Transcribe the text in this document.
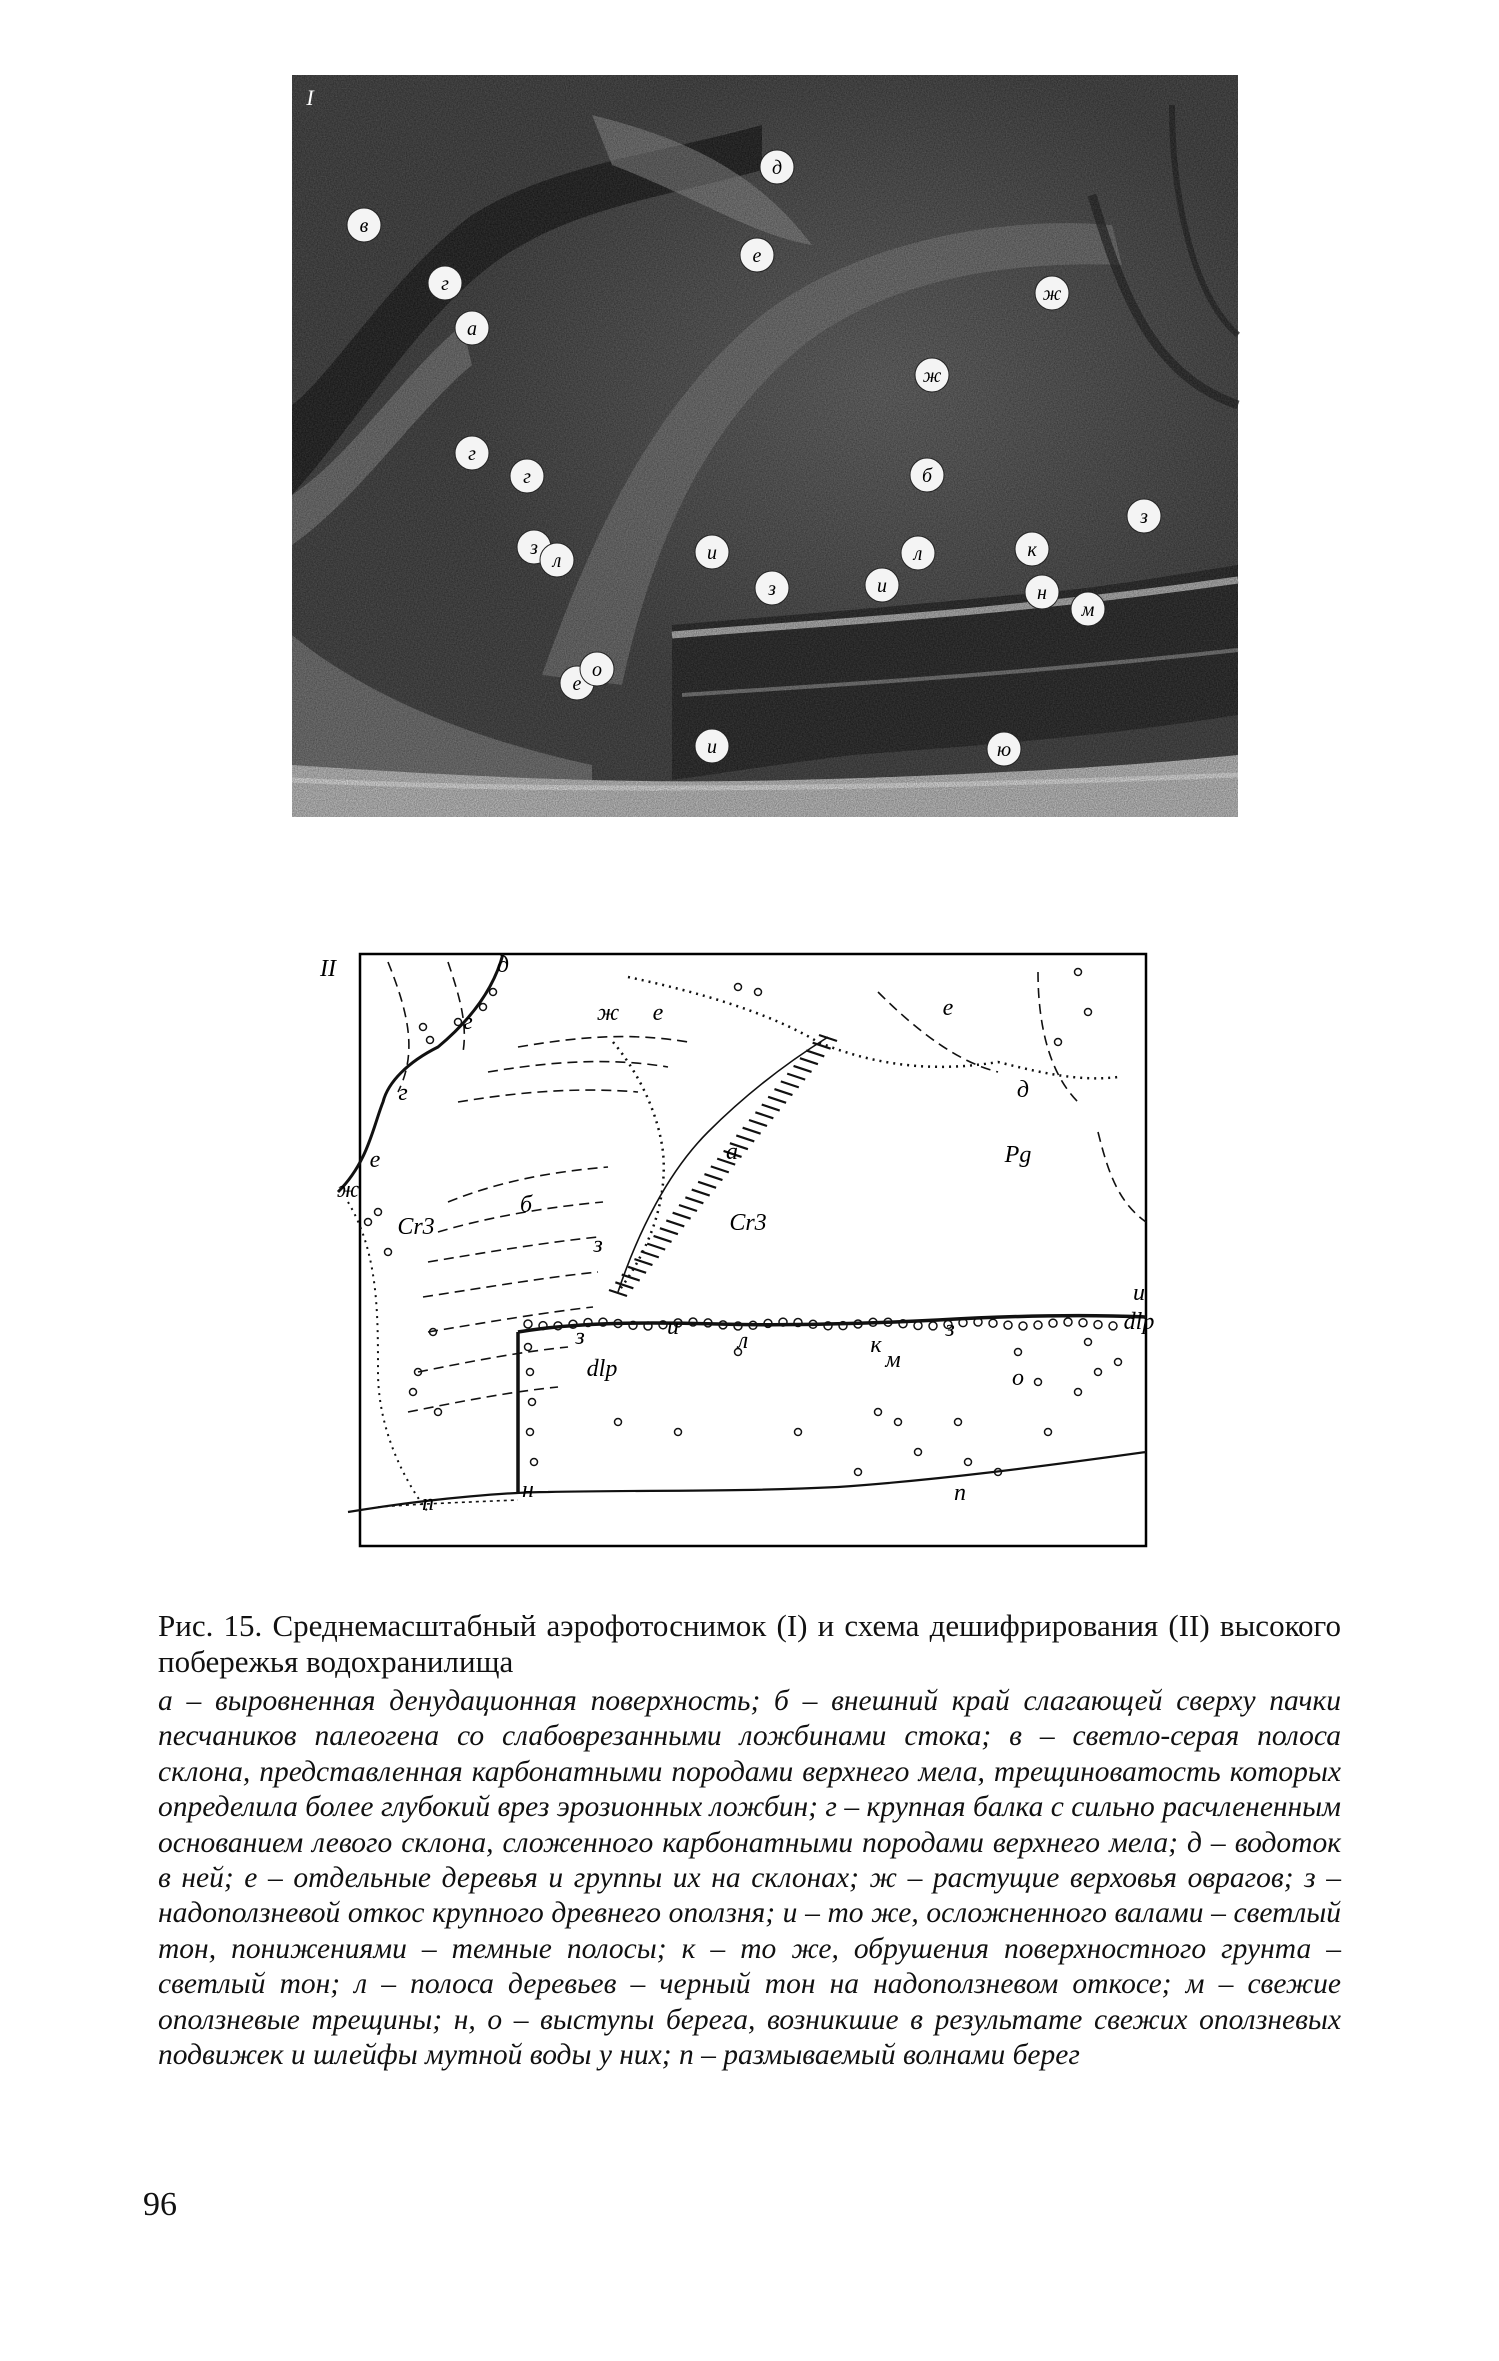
I
д
ж
е
ж
а
в
г
г
г	б
з
л	и
з	и
л	к
з
м
н
е
о
и	ю
II	д
е
ж
г
е
д
г
е
ж
Pg
а
Cr3
Cr3
б
з
и
з	и
л	к
з	dlp
dlp	м
о
н	п
п

Рис. 15. Среднемасштабный аэрофотоснимок (I) и схема дешифрирования (II) высокого побережья водохранилища

а – выровненная денудационная поверхность; б – внешний край слагающей сверху пачки песчаников палеогена со слабоврезанными ложбинами стока; в – светло-серая полоса склона, представленная карбонатными породами верхнего мела, трещиноватость которых определила более глубокий врез эрозионных ложбин; г – крупная балка с сильно расчлененным основанием левого склона, сложенного карбонатными породами верхнего мела; д – водоток в ней; е – отдельные деревья и группы их на склонах; ж – растущие верховья оврагов; з – надоползневой откос крупного древнего оползня; и – то же, осложненного валами – светлый тон, понижениями – темные полосы; к – то же, обрушения поверхностного грунта – светлый тон; л – полоса деревьев – черный тон на надоползневом откосе; м – свежие оползневые трещины; н, о – выступы берега, возникшие в результате свежих оползневых подвижек и шлейфы мутной воды у них; п – размываемый волнами берег

96
